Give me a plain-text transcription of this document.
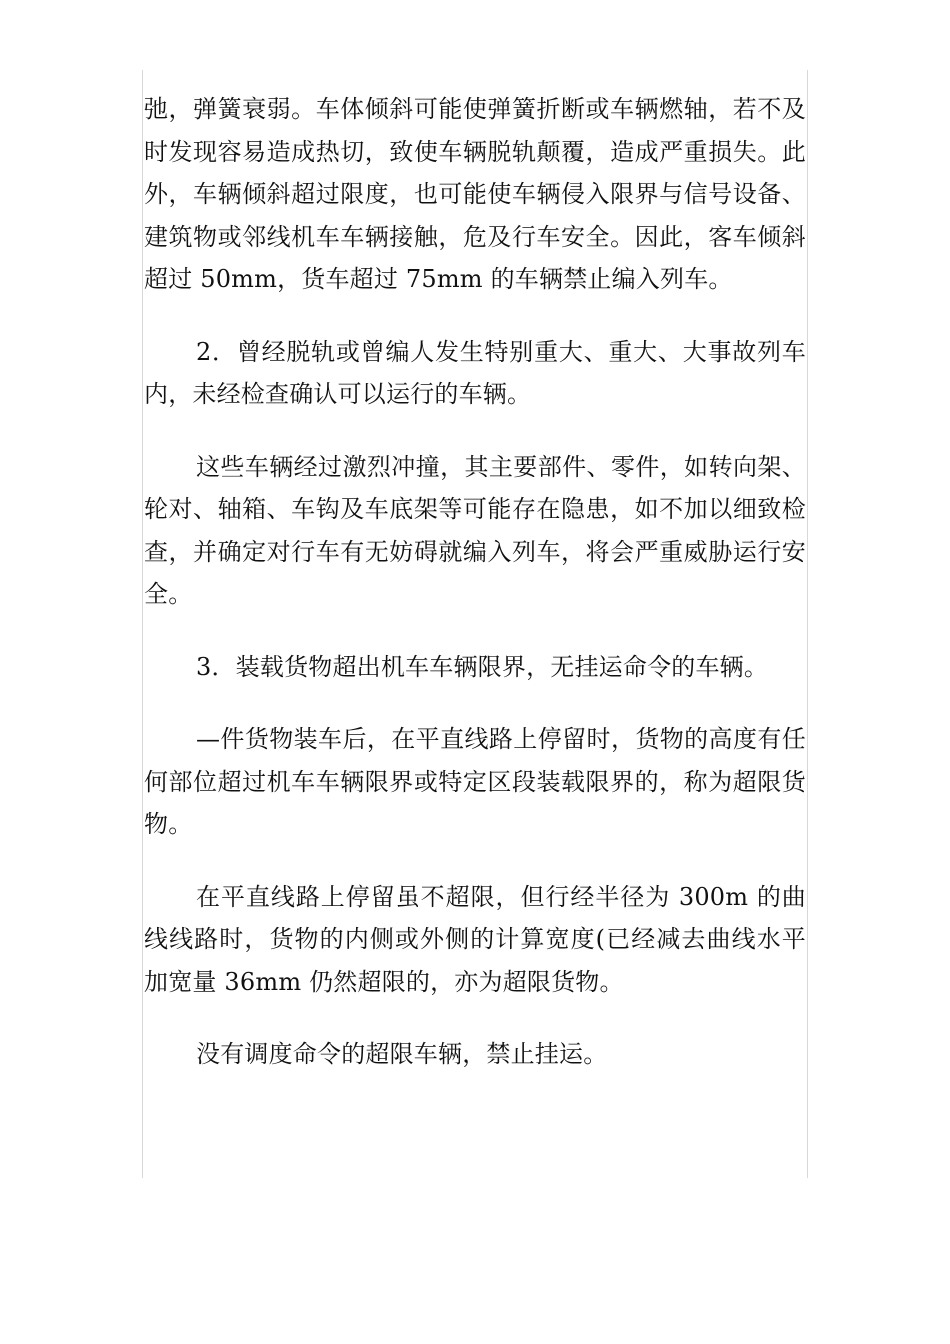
弛，弹簧衰弱。车体倾斜可能使弹簧折断或车辆燃轴，若不及时发现容易造成热切，致使车辆脱轨颠覆，造成严重损失。此外，车辆倾斜超过限度，也可能使车辆侵入限界与信号设备、建筑物或邻线机车车辆接触，危及行车安全。因此，客车倾斜超过 50mm，货车超过 75mm 的车辆禁止编入列车。

2．曾经脱轨或曾编人发生特别重大、重大、大事故列车内，未经检查确认可以运行的车辆。

这些车辆经过激烈冲撞，其主要部件、零件，如转向架、轮对、轴箱、车钩及车底架等可能存在隐患，如不加以细致检查，并确定对行车有无妨碍就编入列车，将会严重威胁运行安全。

3．装载货物超出机车车辆限界，无挂运命令的车辆。

—件货物装车后，在平直线路上停留时，货物的高度有任何部位超过机车车辆限界或特定区段装载限界的，称为超限货物。

在平直线路上停留虽不超限，但行经半径为 300m 的曲线线路时，货物的内侧或外侧的计算宽度(已经减去曲线水平加宽量 36mm 仍然超限的，亦为超限货物。

没有调度命令的超限车辆，禁止挂运。
